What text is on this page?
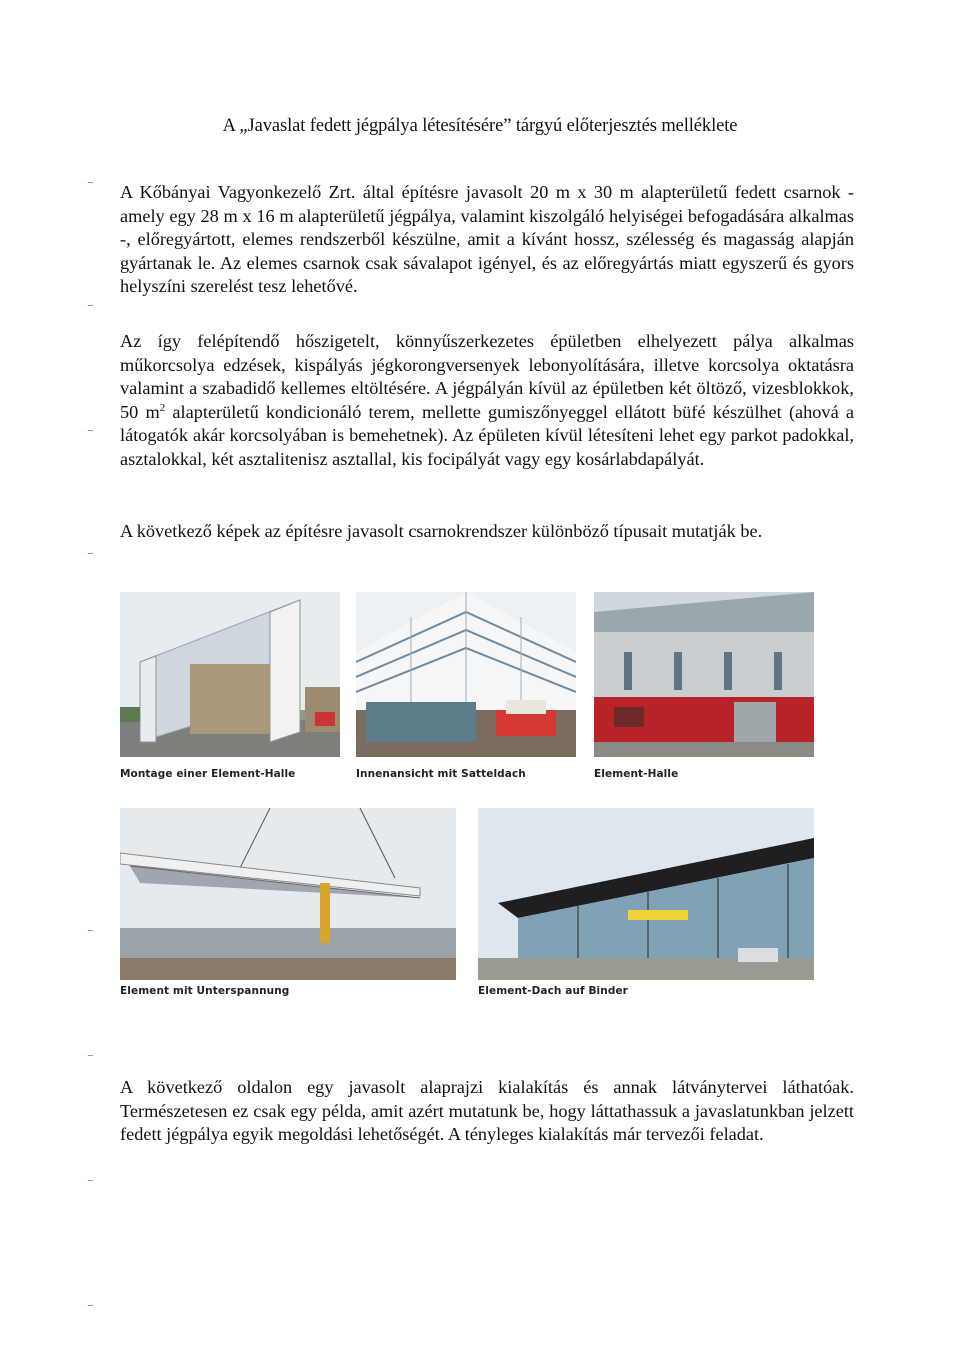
A „Javaslat fedett jégpálya létesítésére” tárgyú előterjesztés melléklete

A Kőbányai Vagyonkezelő Zrt. által építésre javasolt 20 m x 30 m alapterületű fedett csarnok - amely egy 28 m x 16 m alapterületű jégpálya, valamint kiszolgáló helyiségei befogadására alkalmas -, előregyártott, elemes rendszerből készülne, amit a kívánt hossz, szélesség és magasság alapján gyártanak le. Az elemes csarnok csak sávalapot igényel, és az előregyártás miatt egyszerű és gyors helyszíni szerelést tesz lehetővé.

Az így felépítendő hőszigetelt, könnyűszerkezetes épületben elhelyezett pálya alkalmas műkorcsolya edzések, kispályás jégkorongversenyek lebonyolítására, illetve korcsolya oktatásra valamint a szabadidő kellemes eltöltésére. A jégpályán kívül az épületben két öltöző, vizesblokkok, 50 $m^2$ alapterületű kondicionáló terem, mellette gumiszőnyeggel ellátott büfé készülhet (ahová a látogatók akár korcsolyában is bemehetnek). Az épületen kívül létesíteni lehet egy parkot padokkal, asztalokkal, két asztalitenisz asztallal, kis focipályát vagy egy kosárlabdapályát.

A következő képek az építésre javasolt csarnokrendszer különböző típusait mutatják be.

Montage einer Element-Halle	Innenansicht mit Satteldach	Element-Halle
Element mit Unterspannung	Element-Dach auf Binder

A következő oldalon egy javasolt alaprajzi kialakítás és annak látványtervei láthatóak. Természetesen ez csak egy példa, amit azért mutatunk be, hogy láttathassuk a javaslatunkban jelzett fedett jégpálya egyik megoldási lehetőségét. A tényleges kialakítás már tervezői feladat.
